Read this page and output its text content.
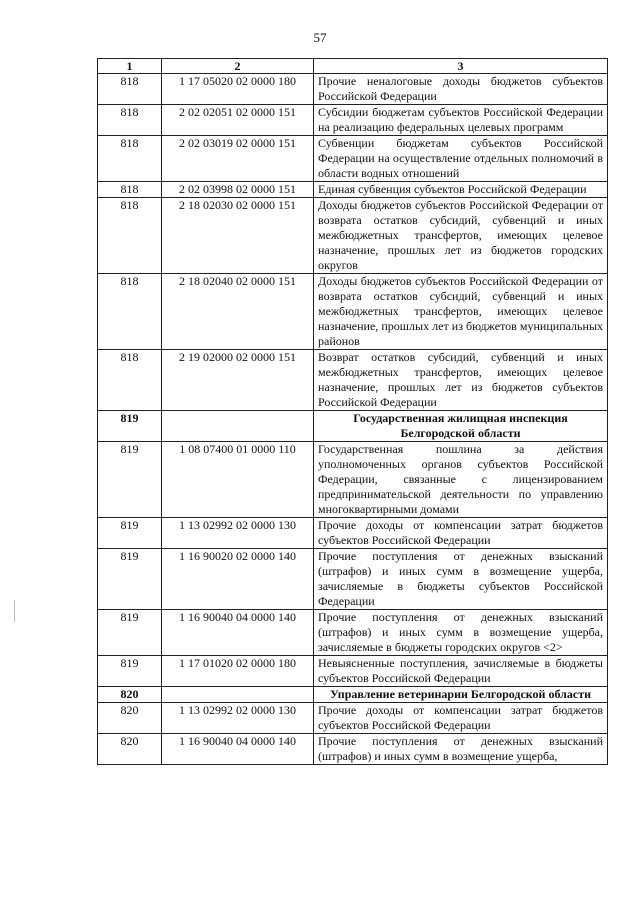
57
1	2	3
818	1 17 05020 02 0000 180	Прочие неналоговые доходы бюджетов субъектов Российской Федерации
818	2 02 02051 02 0000 151	Субсидии бюджетам субъектов Российской Федерации на реализацию федеральных целевых программ
818	2 02 03019 02 0000 151	Субвенции бюджетам субъектов Российской Федерации на осуществление отдельных полномочий в области водных отношений
818	2 02 03998 02 0000 151	Единая субвенция субъектов Российской Федерации
818	2 18 02030 02 0000 151	Доходы бюджетов субъектов Российской Федерации от возврата остатков субсидий, субвенций и иных межбюджетных трансфертов, имеющих целевое назначение, прошлых лет из бюджетов городских округов
818	2 18 02040 02 0000 151	Доходы бюджетов субъектов Российской Федерации от возврата остатков субсидий, субвенций и иных межбюджетных трансфертов, имеющих целевое назначение, прошлых лет из бюджетов муниципальных районов
818	2 19 02000 02 0000 151	Возврат остатков субсидий, субвенций и иных межбюджетных трансфертов, имеющих целевое назначение, прошлых лет из бюджетов субъектов Российской Федерации
819		Государственная жилищная инспекция Белгородской области
819	1 08 07400 01 0000 110	Государственная пошлина за действия уполномоченных органов субъектов Российской Федерации, связанные с лицензированием предпринимательской деятельности по управлению многоквартирными домами
819	1 13 02992 02 0000 130	Прочие доходы от компенсации затрат бюджетов субъектов Российской Федерации
819	1 16 90020 02 0000 140	Прочие поступления от денежных взысканий (штрафов) и иных сумм в возмещение ущерба, зачисляемые в бюджеты субъектов Российской Федерации
819	1 16 90040 04 0000 140	Прочие поступления от денежных взысканий (штрафов) и иных сумм в возмещение ущерба, зачисляемые в бюджеты городских округов <2>
819	1 17 01020 02 0000 180	Невыясненные поступления, зачисляемые в бюджеты субъектов Российской Федерации
820		Управление ветеринарии Белгородской области
820	1 13 02992 02 0000 130	Прочие доходы от компенсации затрат бюджетов субъектов Российской Федерации
820	1 16 90040 04 0000 140	Прочие поступления от денежных взысканий (штрафов) и иных сумм в возмещение ущерба,
